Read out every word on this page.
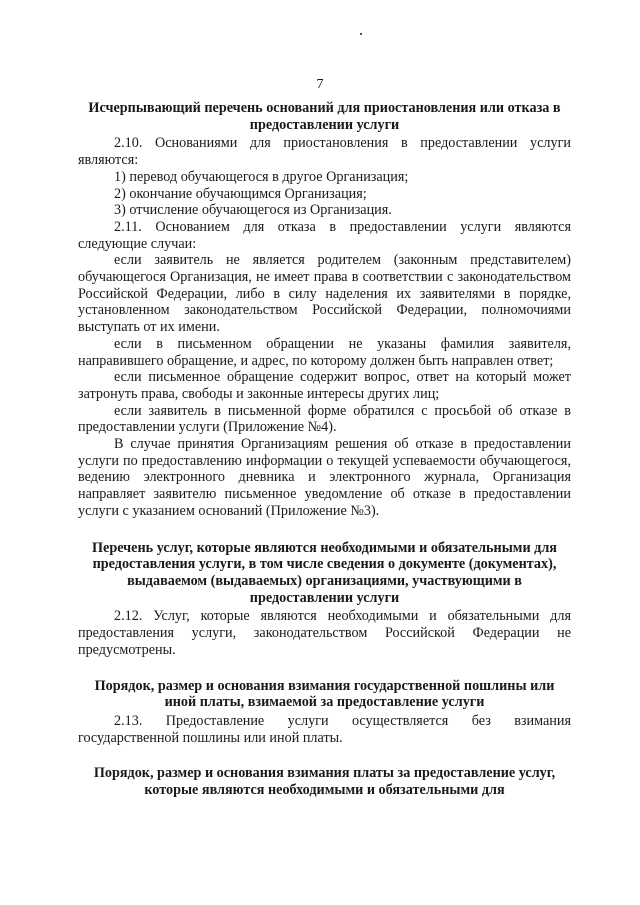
7

Исчерпывающий перечень оснований для приостановления или отказа в предоставлении услуги

2.10. Основаниями для приостановления в предоставлении услуги являются:

1) перевод обучающегося в другое Организация;

2) окончание обучающимся Организация;

3) отчисление обучающегося из Организация.

2.11. Основанием для отказа в предоставлении услуги являются следующие случаи:

если заявитель не является родителем (законным представителем) обучающегося Организация, не имеет права в соответствии с законодательством Российской Федерации, либо в силу наделения их заявителями в порядке, установленном законодательством Российской Федерации, полномочиями выступать от их имени.

если в письменном обращении не указаны фамилия заявителя, направившего обращение, и адрес, по которому должен быть направлен ответ;

если письменное обращение содержит вопрос, ответ на который может затронуть права, свободы и законные интересы других лиц;

если заявитель в письменной форме обратился с просьбой об отказе в предоставлении услуги (Приложение №4).

В случае принятия Организациям решения об отказе в предоставлении услуги по предоставлению информации о текущей успеваемости обучающегося, ведению электронного дневника и электронного журнала, Организация направляет заявителю письменное уведомление об отказе в предоставлении услуги с указанием оснований (Приложение №3).

Перечень услуг, которые являются необходимыми и обязательными для предоставления услуги, в том числе сведения о документе (документах), выдаваемом (выдаваемых) организациями, участвующими в предоставлении услуги

2.12. Услуг, которые являются необходимыми и обязательными для предоставления услуги, законодательством Российской Федерации не предусмотрены.

Порядок, размер и основания взимания государственной пошлины или иной платы, взимаемой за предоставление услуги

2.13. Предоставление услуги осуществляется без взимания государственной пошлины или иной платы.

Порядок, размер и основания взимания платы за предоставление услуг, которые являются необходимыми и обязательными для
